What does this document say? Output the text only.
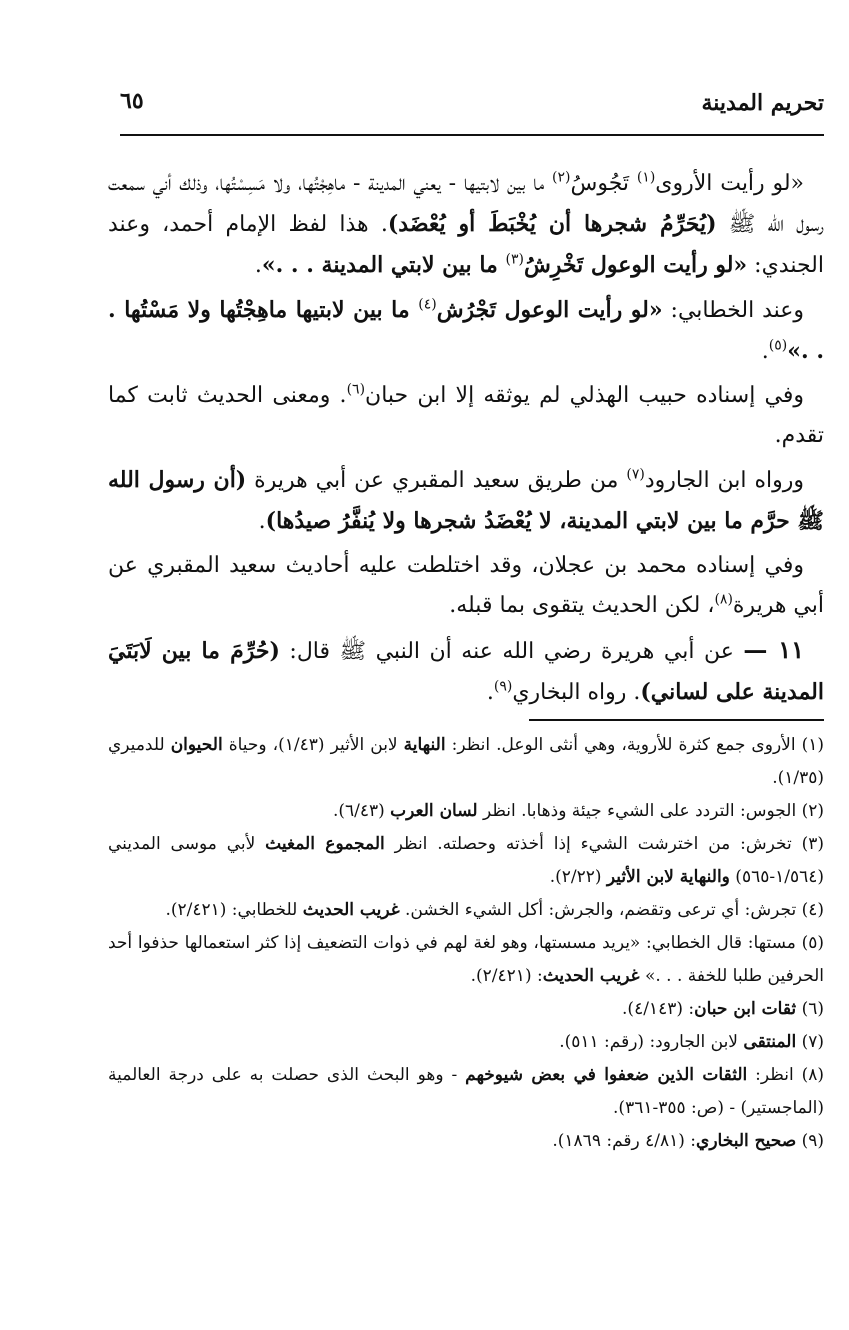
تحريم المدينة
٦٥

«لو رأيت الأروى$^{(١)}$ تَجُوسُ$^{(٢)}$ ما بين لابتيها - يعني المدينة - ماهِجْتُها، ولا مَسِسْتُها، وذلك أني سمعت رسول الله ﷺ (يُحَرِّمُ شجرها أن يُخْبَطَ أو يُعْضَد). هذا لفظ الإمام أحمد، وعند الجندي: «لو رأيت الوعول تَخْرِشُ$^{(٣)}$ ما بين لابتي المدينة . . .».

وعند الخطابي: «لو رأيت الوعول تَجْرُش$^{(٤)}$ ما بين لابتيها ماهِجْتُها ولا مَسْتُها . . .»$^{(٥)}$.

وفي إسناده حبيب الهذلي لم يوثقه إلا ابن حبان$^{(٦)}$. ومعنى الحديث ثابت كما تقدم.

ورواه ابن الجارود$^{(٧)}$ من طريق سعيد المقبري عن أبي هريرة (أن رسول الله ﷺ حرَّم ما بين لابتي المدينة، لا يُعْضَدُ شجرها ولا يُنفَّرُ صيدُها).

وفي إسناده محمد بن عجلان، وقد اختلطت عليه أحاديث سعيد المقبري عن أبي هريرة$^{(٨)}$، لكن الحديث يتقوى بما قبله.

١١ — عن أبي هريرة رضي الله عنه أن النبي ﷺ قال: (حُرِّمَ ما بين لَابَتَيَ المدينة على لساني). رواه البخاري$^{(٩)}$.

(١) الأروى جمع كثرة للأروية، وهي أنثى الوعل. انظر: النهاية لابن الأثير (١/٤٣)، وحياة الحيوان للدميري (١/٣٥).

(٢) الجوس: التردد على الشيء جيئة وذهابا. انظر لسان العرب (٦/٤٣).

(٣) تخرش: من اخترشت الشيء إذا أخذته وحصلته. انظر المجموع المغيث لأبي موسى المديني (١/٥٦٤-٥٦٥) والنهاية لابن الأثير (٢/٢٢).

(٤) تجرش: أي ترعى وتقضم، والجرش: أكل الشيء الخشن. غريب الحديث للخطابي: (٢/٤٢١).

(٥) مستها: قال الخطابي: «يريد مسستها، وهو لغة لهم في ذوات التضعيف إذا كثر استعمالها حذفوا أحد الحرفين طلبا للخفة . . .» غريب الحديث: (٢/٤٢١).

(٦) ثقات ابن حبان: (٤/١٤٣).

(٧) المنتقى لابن الجارود: (رقم: ٥١١).

(٨) انظر: الثقات الذين ضعفوا في بعض شيوخهم - وهو البحث الذى حصلت به على درجة العالمية (الماجستير) - (ص: ٣٥٥-٣٦١).

(٩) صحيح البخاري: (٤/٨١ رقم: ١٨٦٩).
